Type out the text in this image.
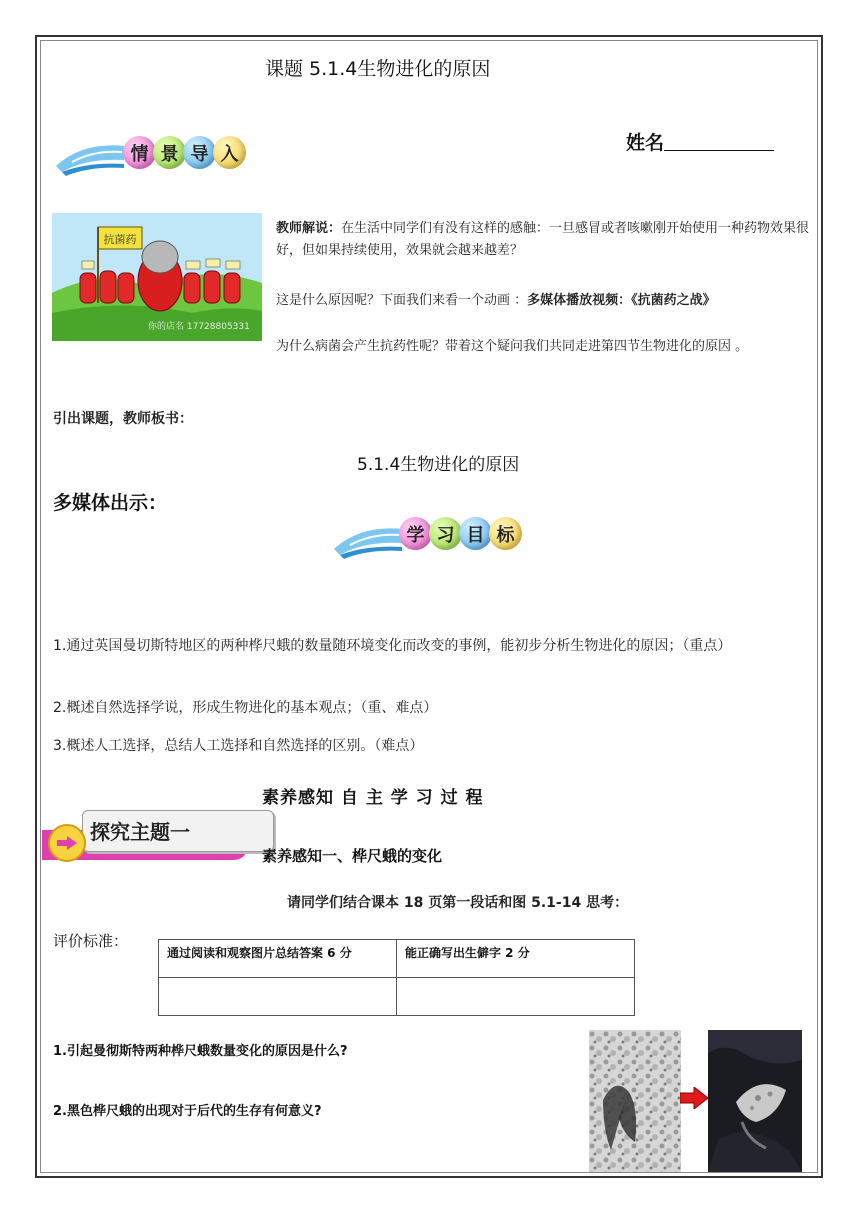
课题 5.1.4生物进化的原因
姓名
情 景 导 入
抗菌药
你的店名 17728805331
教师解说：在生活中同学们有没有这样的感触：一旦感冒或者咳嗽刚开始使用一种药物效果很好，但如果持续使用，效果就会越来越差？
这是什么原因呢？下面我们来看一个动画 ：多媒体播放视频：《抗菌药之战》
为什么病菌会产生抗药性呢？带着这个疑问我们共同走进第四节生物进化的原因 。
引出课题，教师板书：
5.1.4生物进化的原因
多媒体出示：
学 习 目 标
1.通过英国曼切斯特地区的两种桦尺蛾的数量随环境变化而改变的事例，能初步分析生物进化的原因；（重点）
2.概述自然选择学说，形成生物进化的基本观点；（重、难点）
3.概述人工选择，总结人工选择和自然选择的区别。（难点）
素养感知 自 主 学 习 过 程
探究主题一
素养感知一、桦尺蛾的变化
请同学们结合课本 18 页第一段话和图 5.1-14 思考：
评价标准：
通过阅读和观察图片总结答案 6 分	能正确写出生僻字 2 分

1.引起曼彻斯特两种桦尺蛾数量变化的原因是什么?
2.黑色桦尺蛾的出现对于后代的生存有何意义?
